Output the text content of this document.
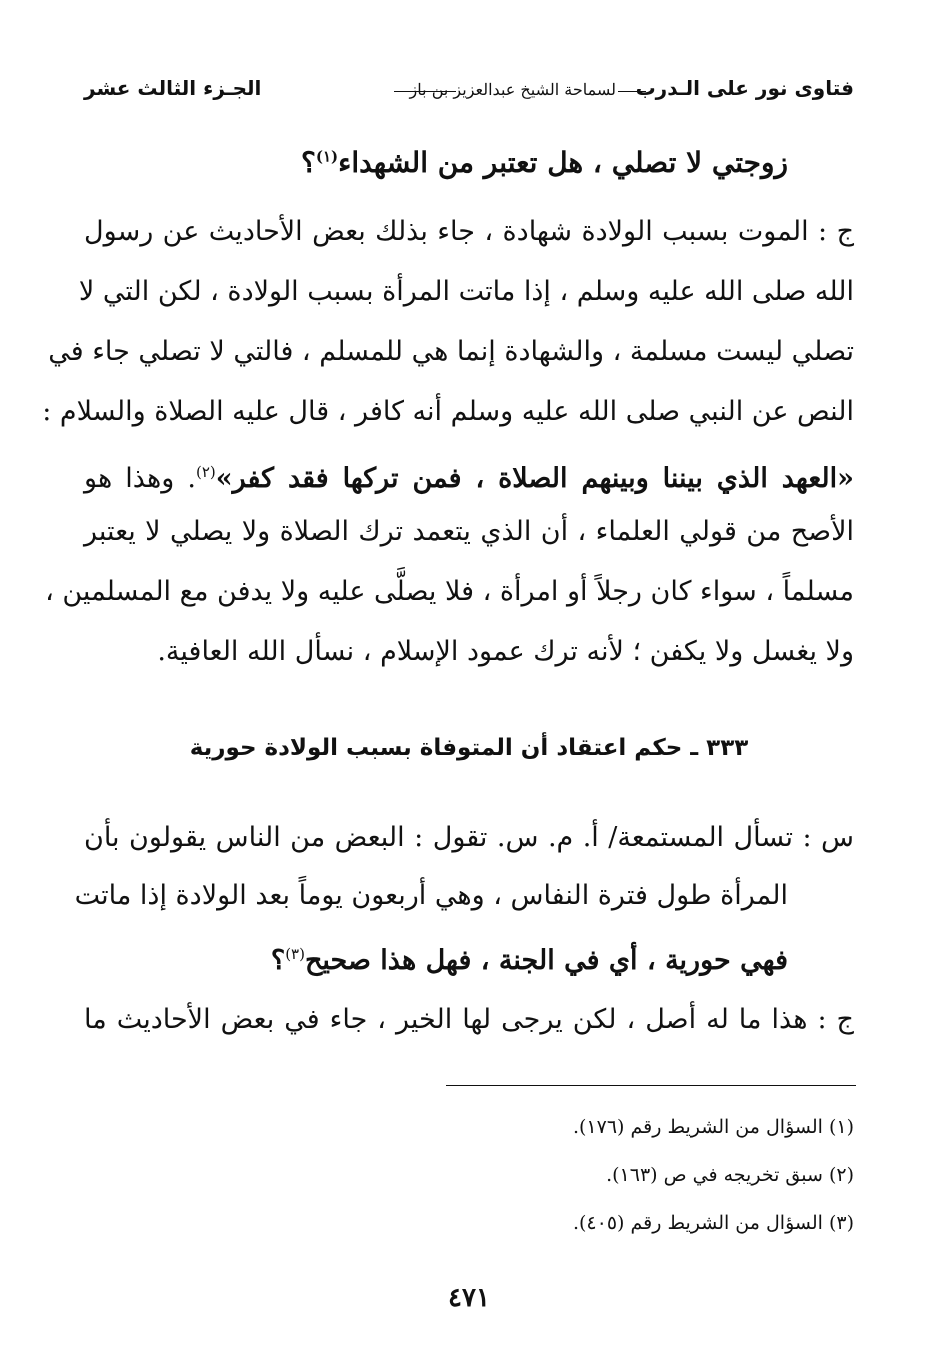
فتاوى نور على الـدرب
لسماحة الشيخ عبدالعزيز بن باز
الجـزء الثالث عشر
زوجتي لا تصلي ، هل تعتبر من الشهداء$^{(١)}$؟
ج : الموت بسبب الولادة شهادة ، جاء بذلك بعض الأحاديث عن رسول
الله صلى الله عليه وسلم ، إذا ماتت المرأة بسبب الولادة ، لكن التي لا
تصلي ليست مسلمة ، والشهادة إنما هي للمسلم ، فالتي لا تصلي جاء في
النص عن النبي صلى الله عليه وسلم أنه كافر ، قال عليه الصلاة والسلام :
«العهد الذي بيننا وبينهم الصلاة ، فمن تركها فقد كفر»$^{(٢)}$. وهذا هو
الأصح من قولي العلماء ، أن الذي يتعمد ترك الصلاة ولا يصلي لا يعتبر
مسلماً ، سواء كان رجلاً أو امرأة ، فلا يصلَّى عليه ولا يدفن مع المسلمين ،
ولا يغسل ولا يكفن ؛ لأنه ترك عمود الإسلام ، نسأل الله العافية.
٣٣٣ ـ حكم اعتقاد أن المتوفاة بسبب الولادة حورية
س : تسأل المستمعة/ أ. م. س. تقول : البعض من الناس يقولون بأن
المرأة طول فترة النفاس ، وهي أربعون يوماً بعد الولادة إذا ماتت
فهي حورية ، أي في الجنة ، فهل هذا صحيح$^{(٣)}$؟
ج : هذا ما له أصل ، لكن يرجى لها الخير ، جاء في بعض الأحاديث ما
(١) السؤال من الشريط رقم (١٧٦).
(٢) سبق تخريجه في ص (١٦٣).
(٣) السؤال من الشريط رقم (٤٠٥).
٤٧١
